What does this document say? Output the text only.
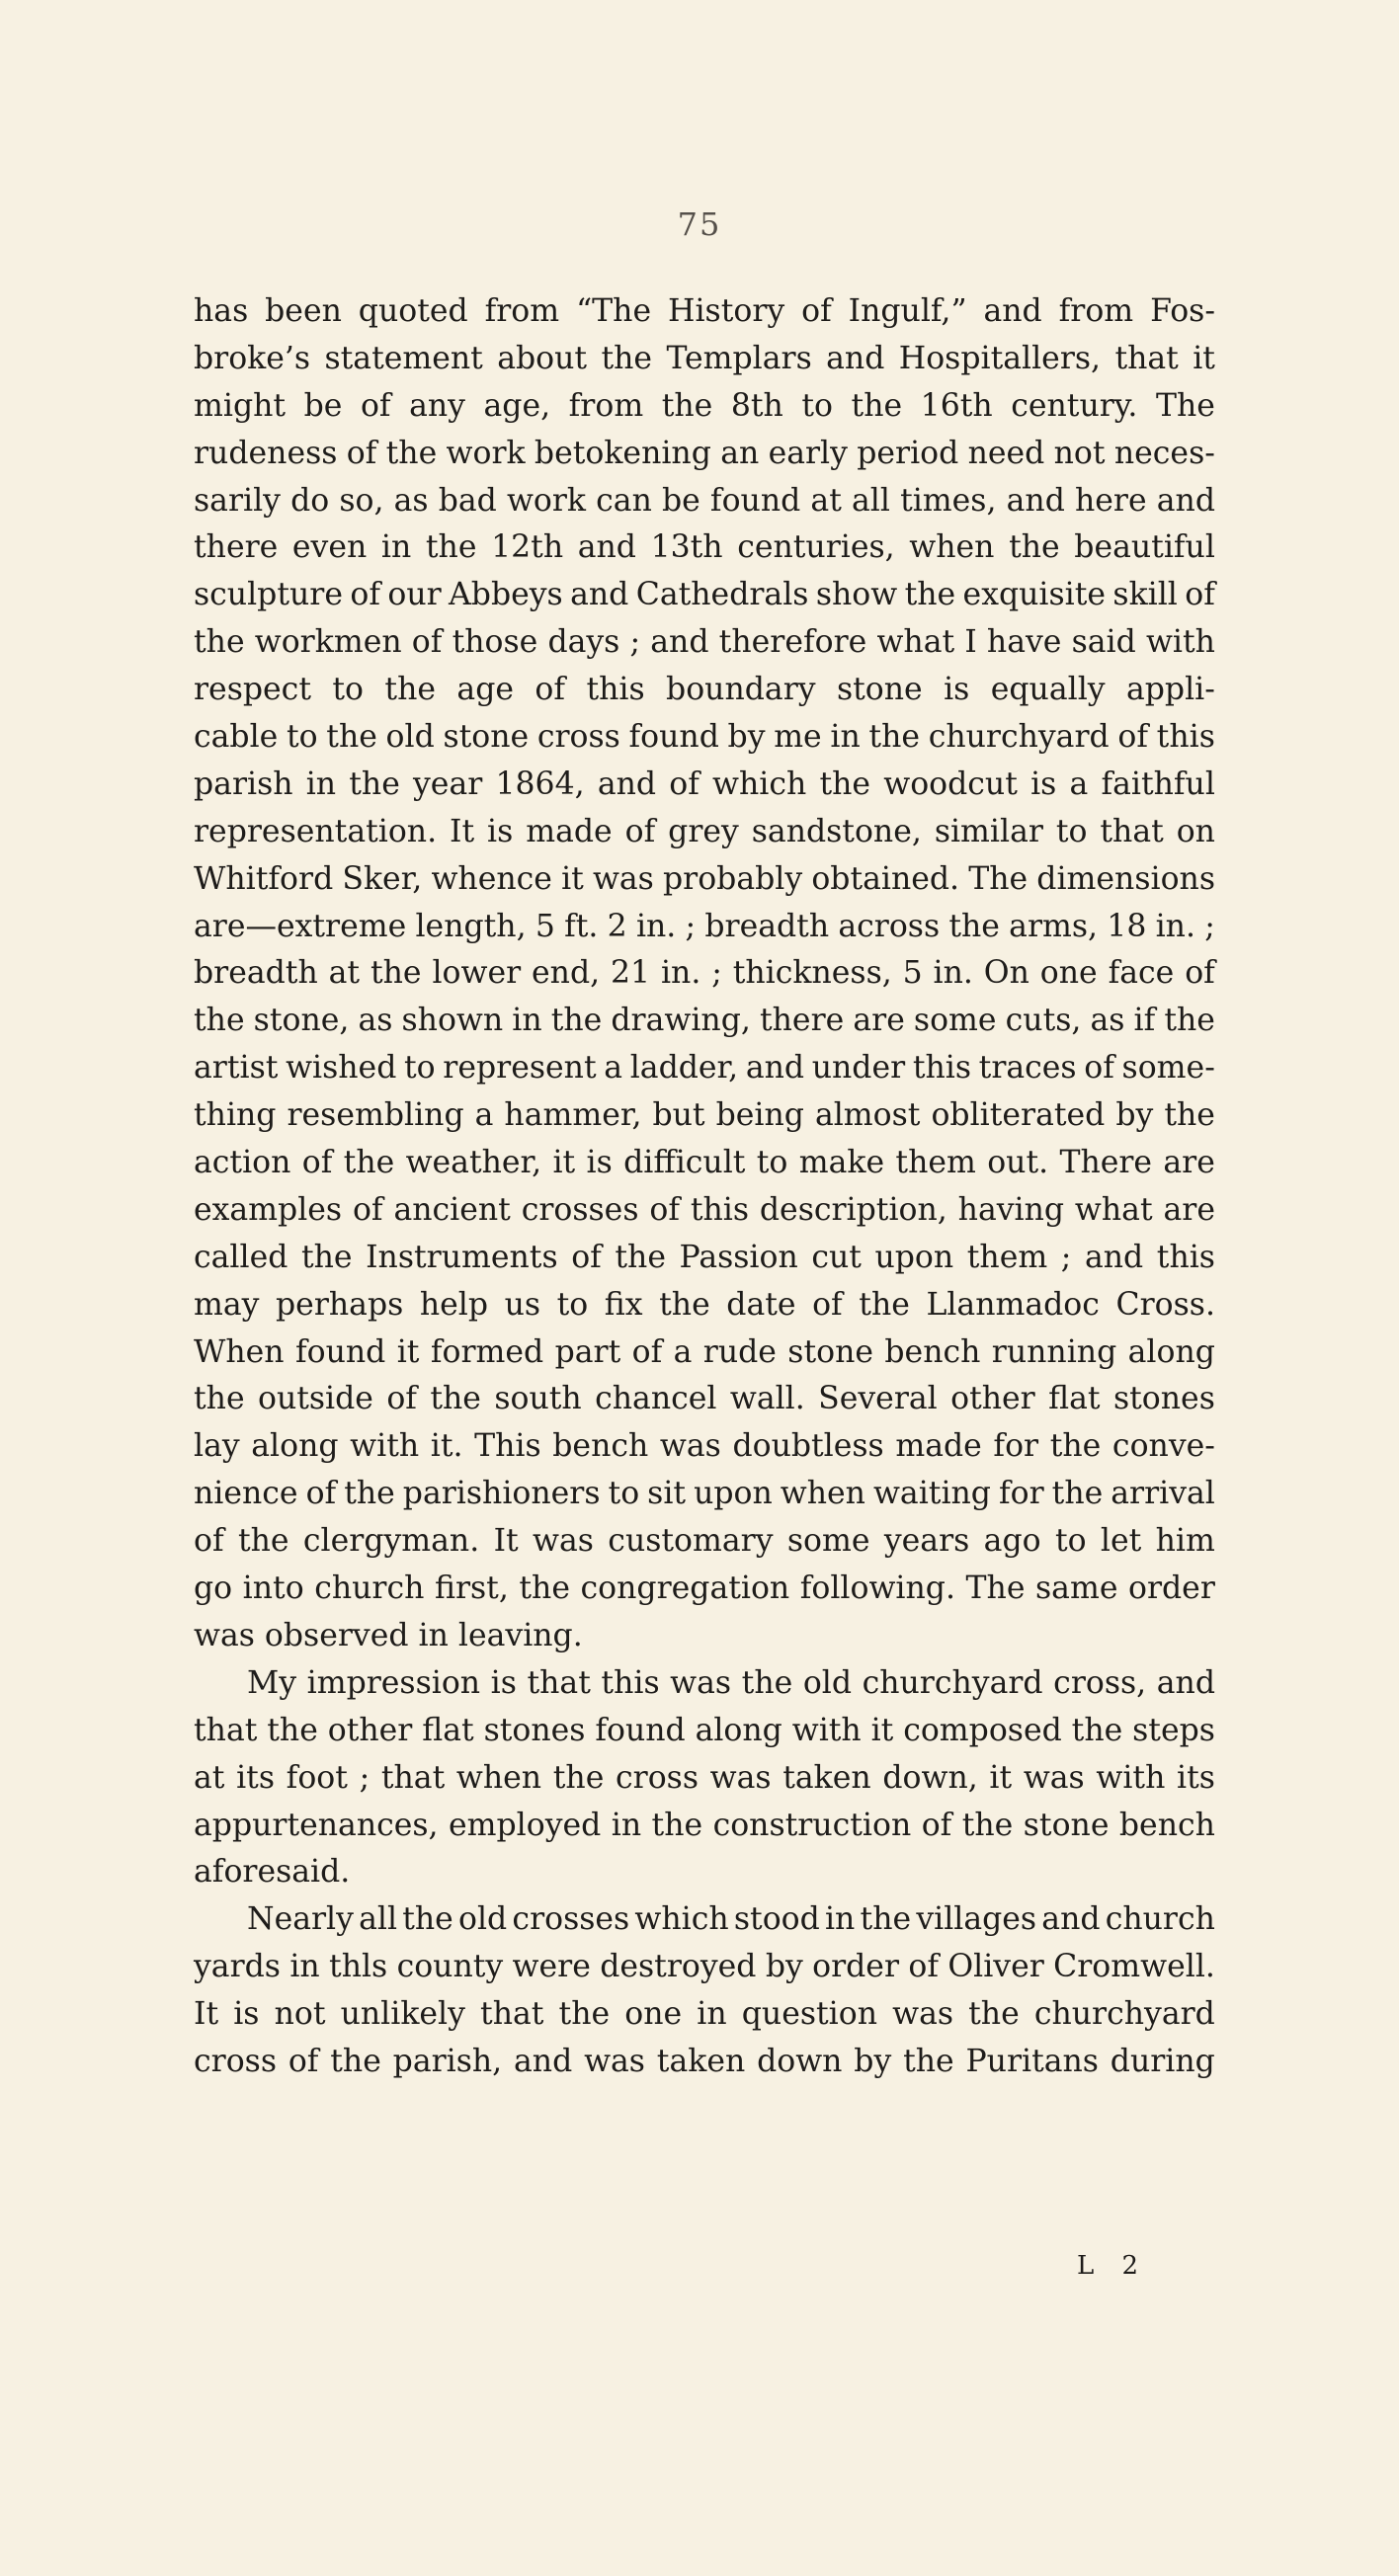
75
has been quoted from “The History of Ingulf,” and from Fos-
broke’s statement about the Templars and Hospitallers, that it
might be of any age, from the 8th to the 16th century. The
rudeness of the work betokening an early period need not neces-
sarily do so, as bad work can be found at all times, and here and
there even in the 12th and 13th centuries, when the beautiful
sculpture of our Abbeys and Cathedrals show the exquisite skill of
the workmen of those days ; and therefore what I have said with
respect to the age of this boundary stone is equally appli-
cable to the old stone cross found by me in the churchyard of this
parish in the year 1864, and of which the woodcut is a faithful
representation. It is made of grey sandstone, similar to that on
Whitford Sker, whence it was probably obtained. The dimensions
are—extreme length, 5 ft. 2 in. ; breadth across the arms, 18 in. ;
breadth at the lower end, 21 in. ; thickness, 5 in. On one face of
the stone, as shown in the drawing, there are some cuts, as if the
artist wished to represent a ladder, and under this traces of some-
thing resembling a hammer, but being almost obliterated by the
action of the weather, it is difficult to make them out. There are
examples of ancient crosses of this description, having what are
called the Instruments of the Passion cut upon them ; and this
may perhaps help us to fix the date of the Llanmadoc Cross.
When found it formed part of a rude stone bench running along
the outside of the south chancel wall. Several other flat stones
lay along with it. This bench was doubtless made for the conve-
nience of the parishioners to sit upon when waiting for the arrival
of the clergyman. It was customary some years ago to let him
go into church first, the congregation following. The same order
was observed in leaving.
My impression is that this was the old churchyard cross, and
that the other flat stones found along with it composed the steps
at its foot ; that when the cross was taken down, it was with its
appurtenances, employed in the construction of the stone bench
aforesaid.
Nearly all the old crosses which stood in the villages and church
yards in thls county were destroyed by order of Oliver Cromwell.
It is not unlikely that the one in question was the churchyard
cross of the parish, and was taken down by the Puritans during
L 2
